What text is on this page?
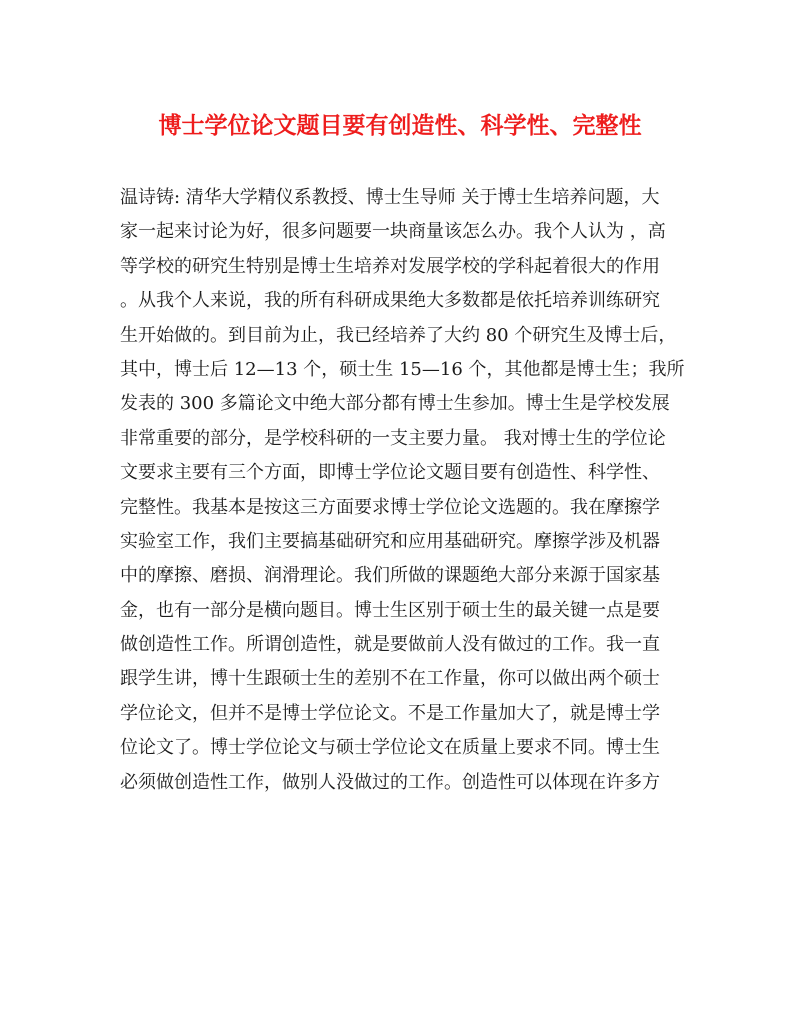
博士学位论文题目要有创造性、科学性、完整性
温诗铸: 清华大学精仪系教授、博士生导师 关于博士生培养问题，大
家一起来讨论为好，很多问题要一块商量该怎么办。我个人认为 ，高
等学校的研究生特别是博士生培养对发展学校的学科起着很大的作用
。从我个人来说，我的所有科研成果绝大多数都是依托培养训练研究
生开始做的。到目前为止，我已经培养了大约 80 个研究生及博士后，
其中，博士后 12—13 个，硕士生 15—16 个，其他都是博士生；我所
发表的 300 多篇论文中绝大部分都有博士生参加。博士生是学校发展
非常重要的部分，是学校科研的一支主要力量。 我对博士生的学位论
文要求主要有三个方面，即博士学位论文题目要有创造性、科学性、
完整性。我基本是按这三方面要求博士学位论文选题的。我在摩擦学
实验室工作，我们主要搞基础研究和应用基础研究。摩擦学涉及机器
中的摩擦、磨损、润滑理论。我们所做的课题绝大部分来源于国家基
金，也有一部分是横向题目。博士生区别于硕士生的最关键一点是要
做创造性工作。所谓创造性，就是要做前人没有做过的工作。我一直
跟学生讲，博十生跟硕士生的差别不在工作量，你可以做出两个硕士
学位论文，但并不是博士学位论文。不是工作量加大了，就是博士学
位论文了。博士学位论文与硕士学位论文在质量上要求不同。博士生
必须做创造性工作，做别人没做过的工作。创造性可以体现在许多方
